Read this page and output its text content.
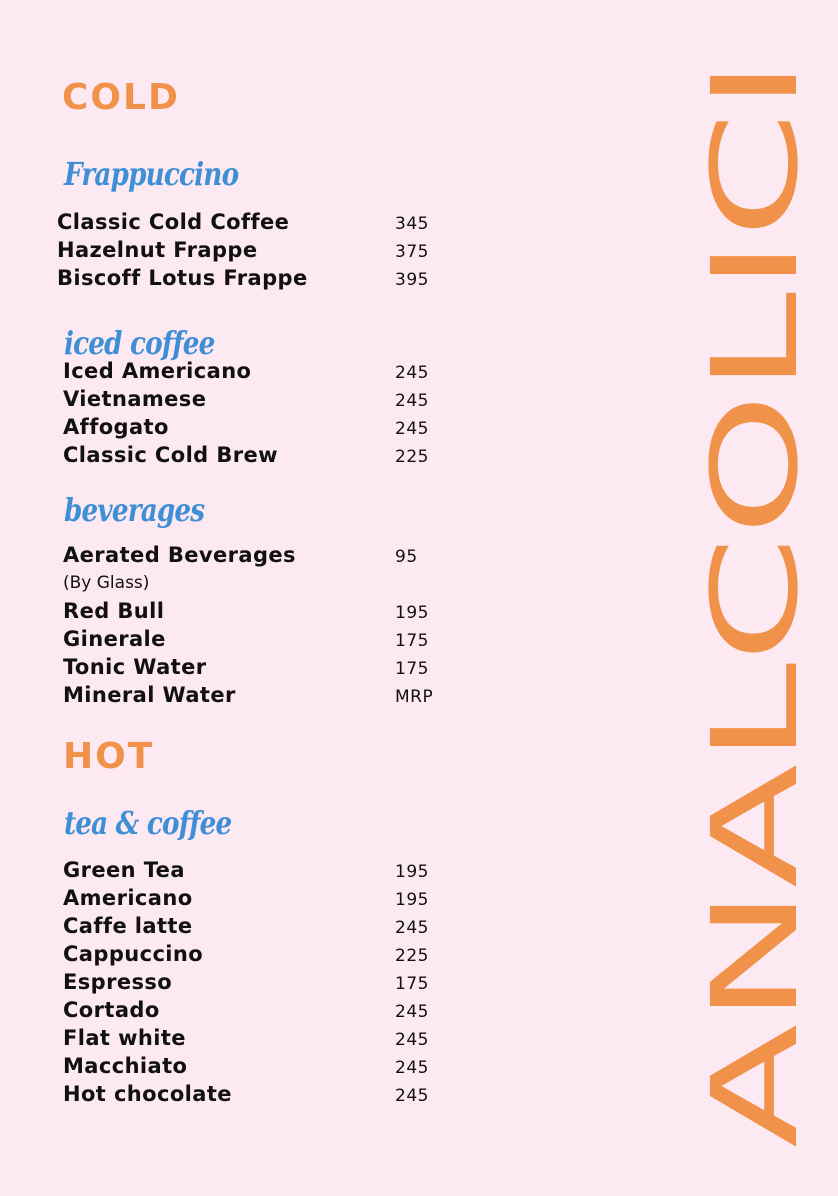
COLD
Frappuccino
Classic Cold Coffee	345
Hazelnut Frappe	375
Biscoff Lotus Frappe	395
iced coffee
Iced Americano	245
Vietnamese	245
Affogato	245
Classic Cold Brew	225
beverages
Aerated Beverages	95
(By Glass)
Red Bull	195
Ginerale	175
Tonic Water	175
Mineral Water	MRP
HOT
tea & coffee
Green Tea	195
Americano	195
Caffe latte	245
Cappuccino	225
Espresso	175
Cortado	245
Flat white	245
Macchiato	245
Hot chocolate	245 ANALCOLICI
